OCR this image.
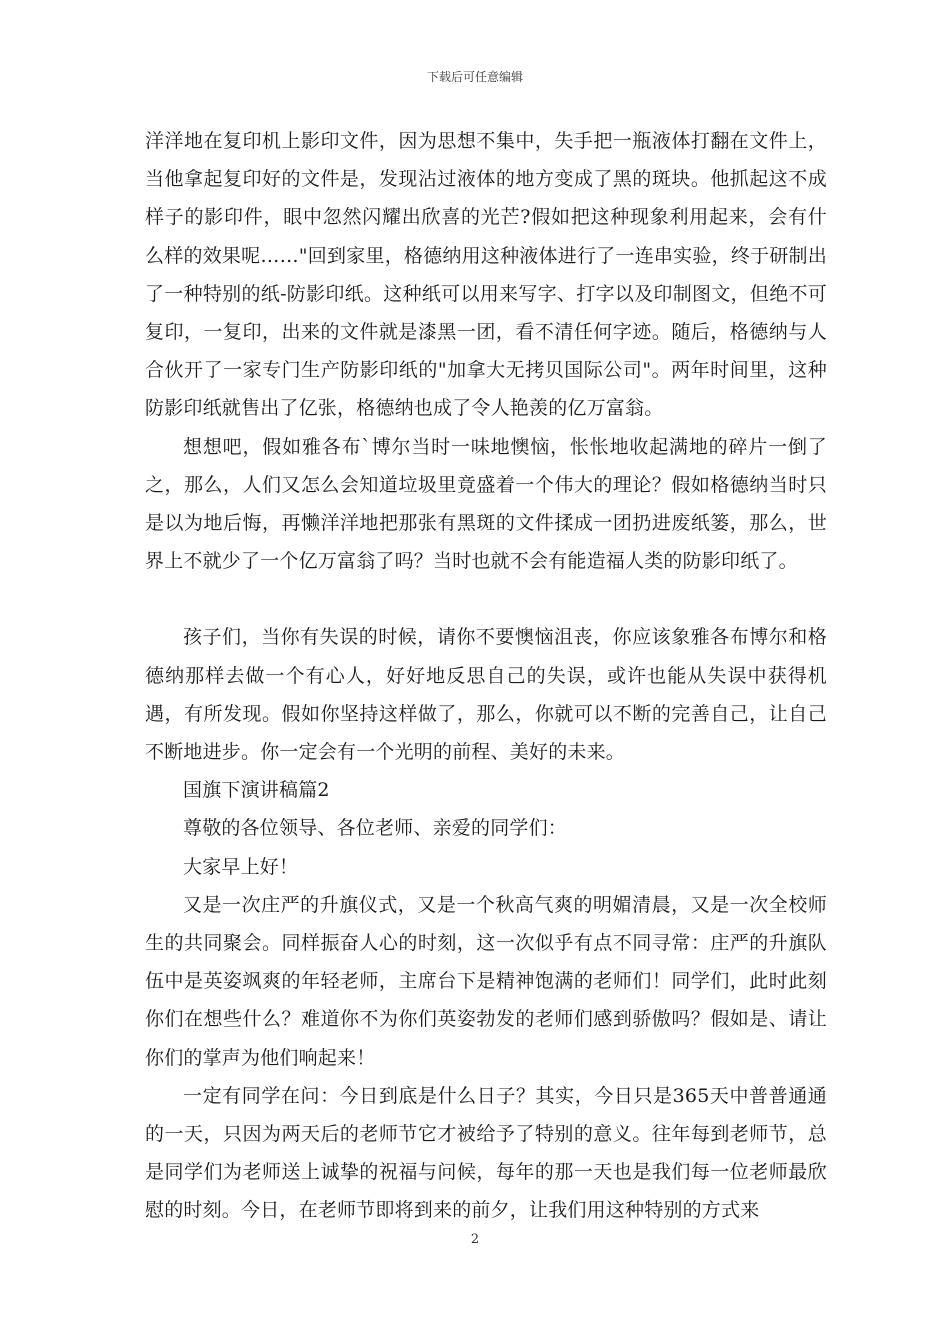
下载后可任意编辑

洋洋地在复印机上影印文件，因为思想不集中，失手把一瓶液体打翻在文件上，当他拿起复印好的文件是，发现沾过液体的地方变成了黑的斑块。他抓起这不成样子的影印件，眼中忽然闪耀出欣喜的光芒?假如把这种现象利用起来，会有什么样的效果呢……"回到家里，格德纳用这种液体进行了一连串实验，终于研制出了一种特别的纸-防影印纸。这种纸可以用来写字、打字以及印制图文，但绝不可复印，一复印，出来的文件就是漆黑一团，看不清任何字迹。随后，格德纳与人合伙开了一家专门生产防影印纸的"加拿大无拷贝国际公司"。两年时间里，这种防影印纸就售出了亿张，格德纳也成了令人艳羡的亿万富翁。

想想吧，假如雅各布`博尔当时一味地懊恼，怅怅地收起满地的碎片一倒了之，那么，人们又怎么会知道垃圾里竟盛着一个伟大的理论？假如格德纳当时只是以为地后悔，再懒洋洋地把那张有黑斑的文件揉成一团扔进废纸篓，那么，世界上不就少了一个亿万富翁了吗？当时也就不会有能造福人类的防影印纸了。

孩子们，当你有失误的时候，请你不要懊恼沮丧，你应该象雅各布博尔和格德纳那样去做一个有心人，好好地反思自己的失误，或许也能从失误中获得机遇，有所发现。假如你坚持这样做了，那么，你就可以不断的完善自己，让自己不断地进步。你一定会有一个光明的前程、美好的未来。

国旗下演讲稿篇2

尊敬的各位领导、各位老师、亲爱的同学们：

大家早上好！

又是一次庄严的升旗仪式，又是一个秋高气爽的明媚清晨，又是一次全校师生的共同聚会。同样振奋人心的时刻，这一次似乎有点不同寻常：庄严的升旗队伍中是英姿飒爽的年轻老师，主席台下是精神饱满的老师们！同学们，此时此刻你们在想些什么？难道你不为你们英姿勃发的老师们感到骄傲吗？假如是、请让你们的掌声为他们响起来！

一定有同学在问：今日到底是什么日子？其实，今日只是365天中普普通通的一天，只因为两天后的老师节它才被给予了特别的意义。往年每到老师节，总是同学们为老师送上诚挚的祝福与问候，每年的那一天也是我们每一位老师最欣慰的时刻。今日，在老师节即将到来的前夕，让我们用这种特别的方式来

2
